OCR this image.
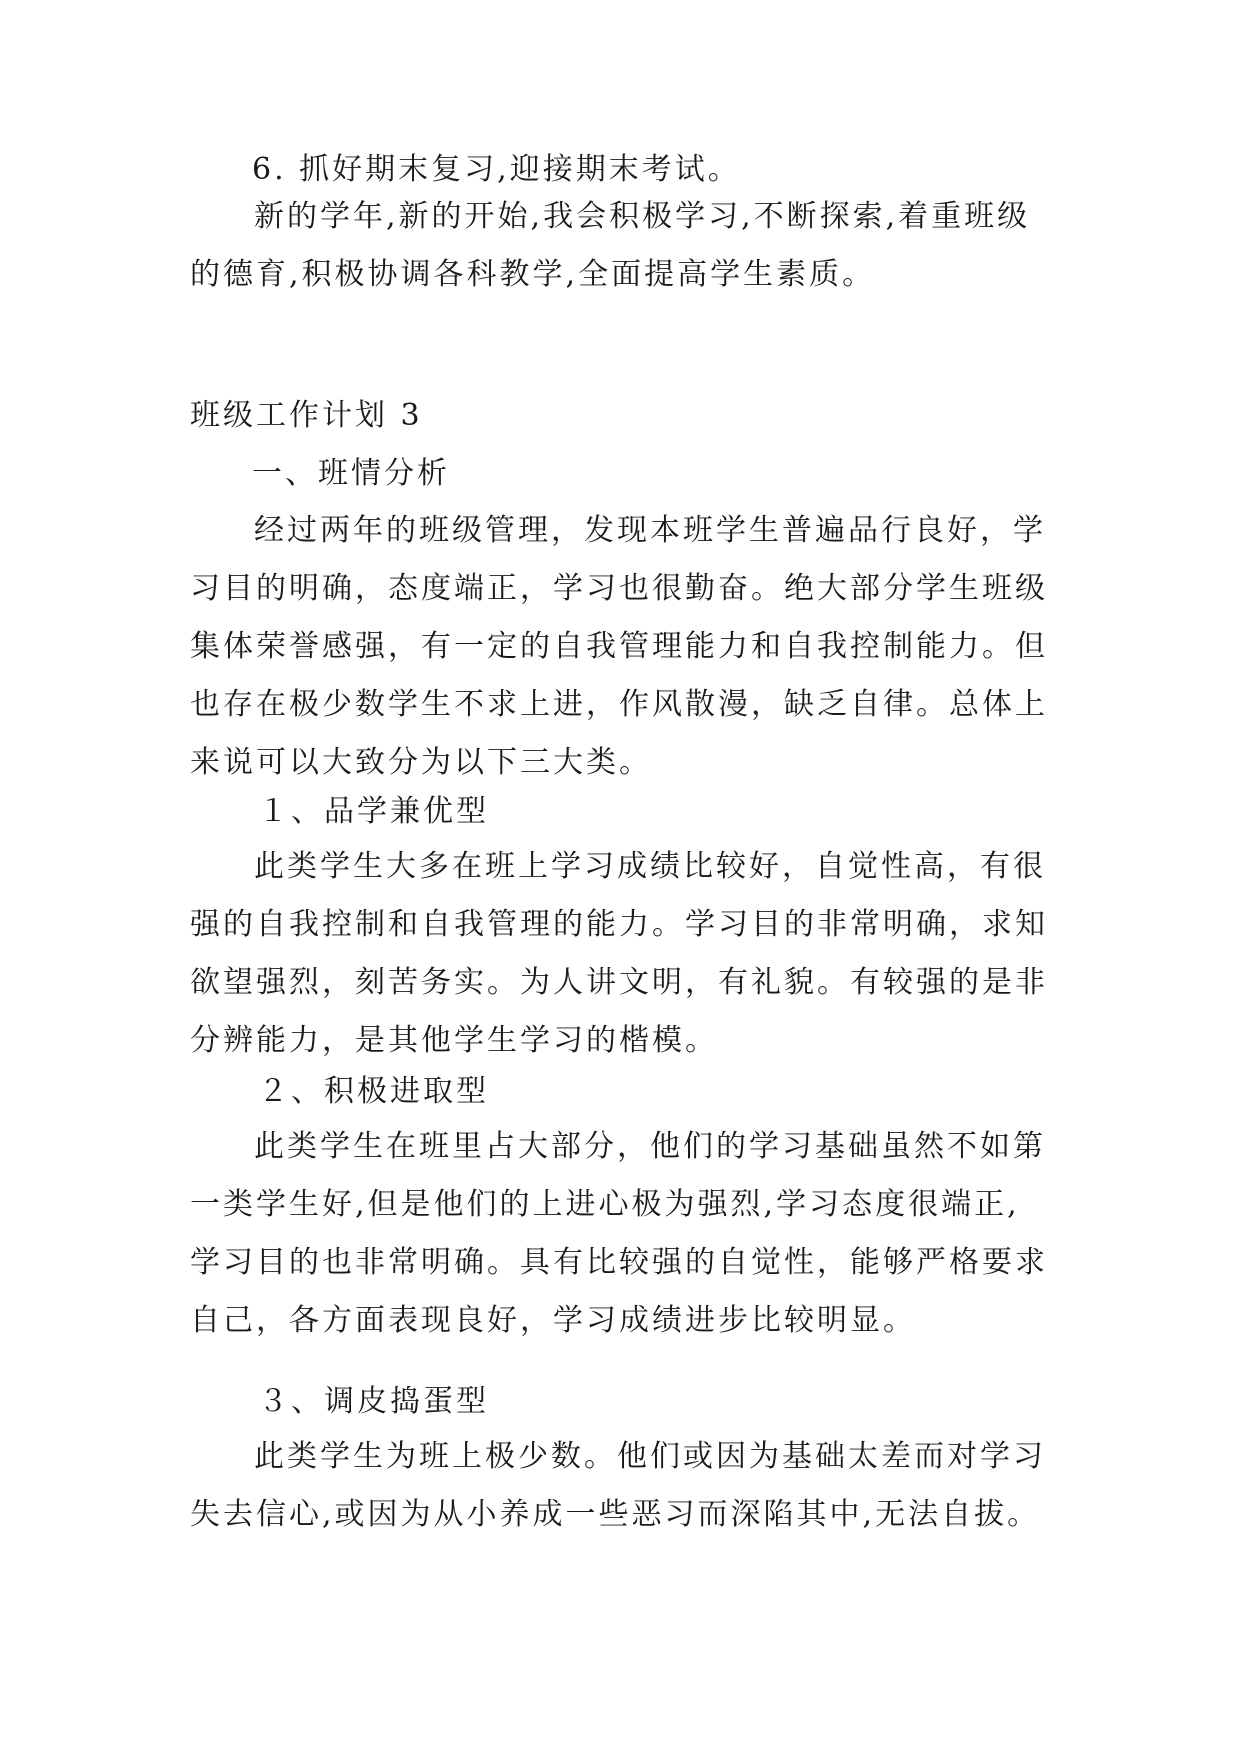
6. 抓好期末复习,迎接期末考试。

新的学年,新的开始,我会积极学习,不断探索,着重班级的德育,积极协调各科教学,全面提高学生素质。

班级工作计划 3
一、班情分析

经过两年的班级管理，发现本班学生普遍品行良好，学习目的明确，态度端正，学习也很勤奋。绝大部分学生班级集体荣誉感强，有一定的自我管理能力和自我控制能力。但也存在极少数学生不求上进，作风散漫，缺乏自律。总体上来说可以大致分为以下三大类。

１、品学兼优型

此类学生大多在班上学习成绩比较好，自觉性高，有很强的自我控制和自我管理的能力。学习目的非常明确，求知欲望强烈，刻苦务实。为人讲文明，有礼貌。有较强的是非分辨能力，是其他学生学习的楷模。

２、积极进取型

此类学生在班里占大部分，他们的学习基础虽然不如第一类学生好,但是他们的上进心极为强烈,学习态度很端正,学习目的也非常明确。具有比较强的自觉性，能够严格要求自己，各方面表现良好，学习成绩进步比较明显。

３、调皮捣蛋型

此类学生为班上极少数。他们或因为基础太差而对学习失去信心,或因为从小养成一些恶习而深陷其中,无法自拔。
